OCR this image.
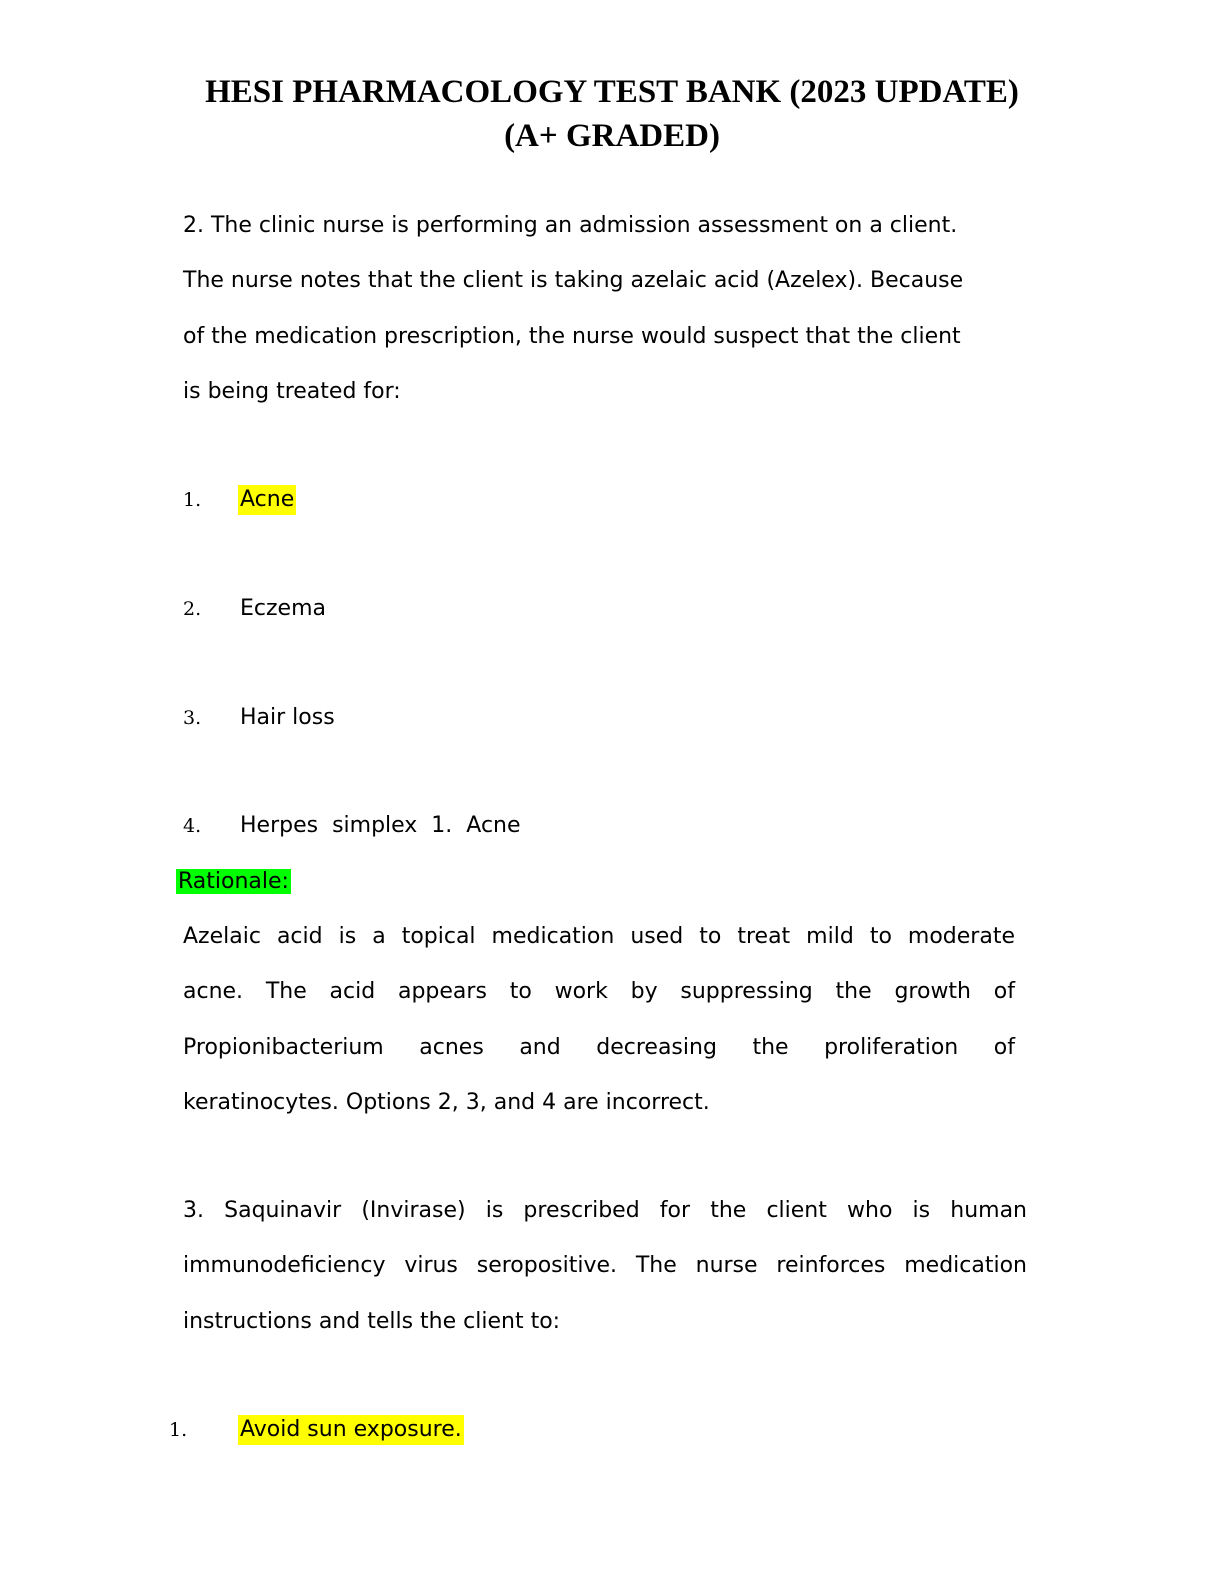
HESI PHARMACOLOGY TEST BANK (2023 UPDATE)
(A+ GRADED)
2. The clinic nurse is performing an admission assessment on a client.
The nurse notes that the client is taking azelaic acid (Azelex). Because
of the medication prescription, the nurse would suspect that the client
is being treated for:
1. Acne
2. Eczema
3. Hair loss
4. Herpes  simplex  1.  Acne
Rationale:
Azelaic acid is a topical medication used to treat mild to moderate
acne. The acid appears to work by suppressing the growth of
Propionibacterium acnes and decreasing the proliferation of
keratinocytes. Options 2, 3, and 4 are incorrect.
3. Saquinavir (Invirase) is prescribed for the client who is human
immunodeficiency virus seropositive. The nurse reinforces medication
instructions and tells the client to:
1. Avoid sun exposure.
